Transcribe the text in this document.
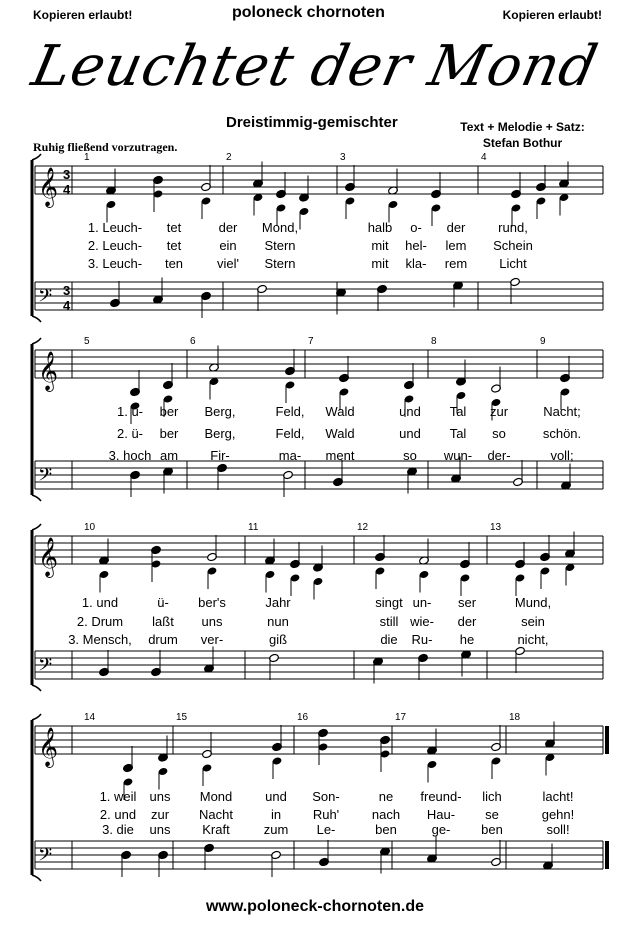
Kopieren erlaubt!	poloneck chornoten	Kopieren erlaubt!
Leuchtet der Mond
Dreistimmig-gemischter	Text + Melodie + Satz:
Stefan Bothur
Ruhig fließend vorzutragen.
𝄞 3
4
𝄢 3
4
1	2	3	4
1. Leuch- tet	der Mond,	halb o- der	rund,
2. Leuch- tet	ein Stern	mit hel- lem Schein
3. Leuch- ten	viel' Stern	mit kla- rem Licht
𝄞
𝄢
5	6	7	8	9
1. ü- ber Berg,	Feld, Wald	und Tal zur	Nacht;
2. ü- ber Berg,	Feld, Wald	und Tal so	schön.
3. hoch am Fir-	ma- ment	so wun- der-	voll;
𝄞
𝄢
10	11	12	13
1. und	ü- ber's	Jahr	singt un- ser	Mund,
2. Drum laßt uns	nun	still wie- der	sein
3. Mensch, drum ver-	giß	die Ru- he	nicht,
𝄞
𝄢
14	15	16	17	18
1. weil uns Mond	und Son-	ne freund- lich	lacht!
2. und zur Nacht	in Ruh'	nach Hau- se	gehn!
3. die uns Kraft	zum Le-	ben	ge- ben	soll!
www.poloneck-chornoten.de
